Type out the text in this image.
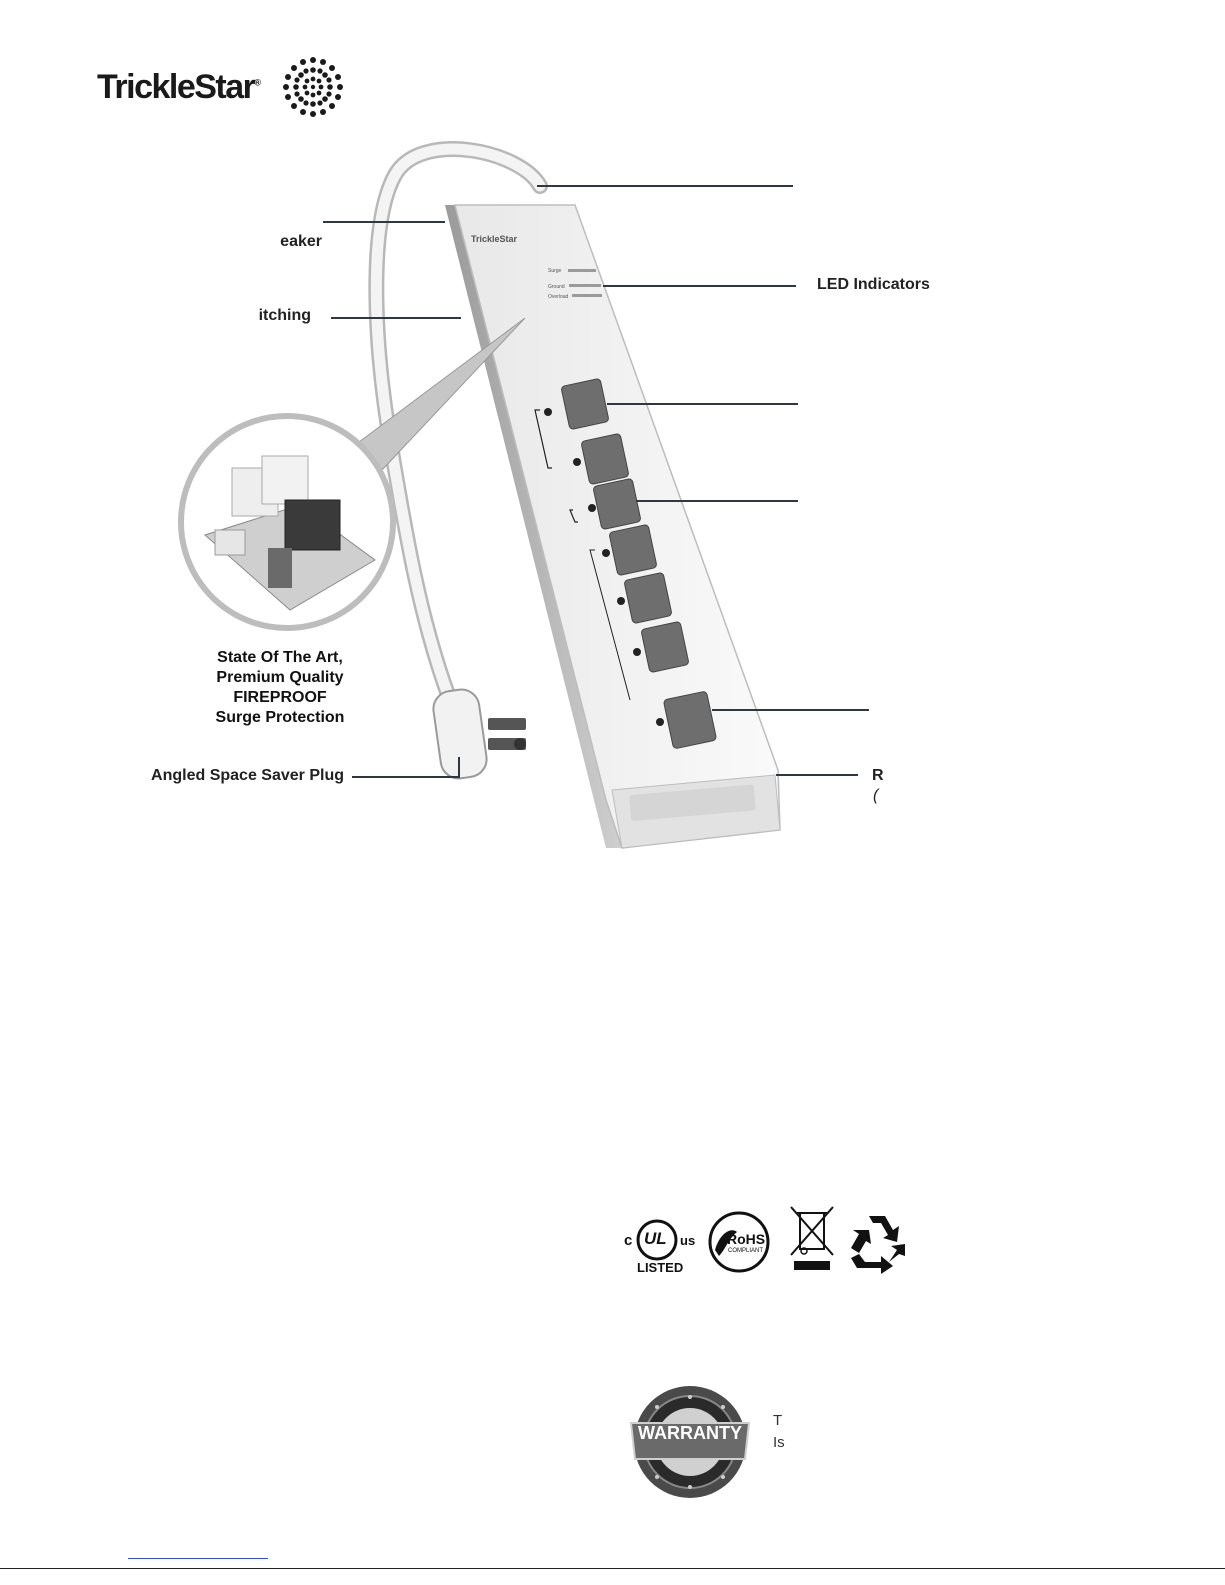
TrickleStar®
TrickleStar
Surge
Ground
Overload
eaker
itching
LED Indicators
Angled Space Saver Plug	R
(
State Of The Art,
Premium Quality
FIREPROOF
Surge Protection
c UL us
LISTED
RoHS
COMPLIANT
WARRANTY
T
Is
